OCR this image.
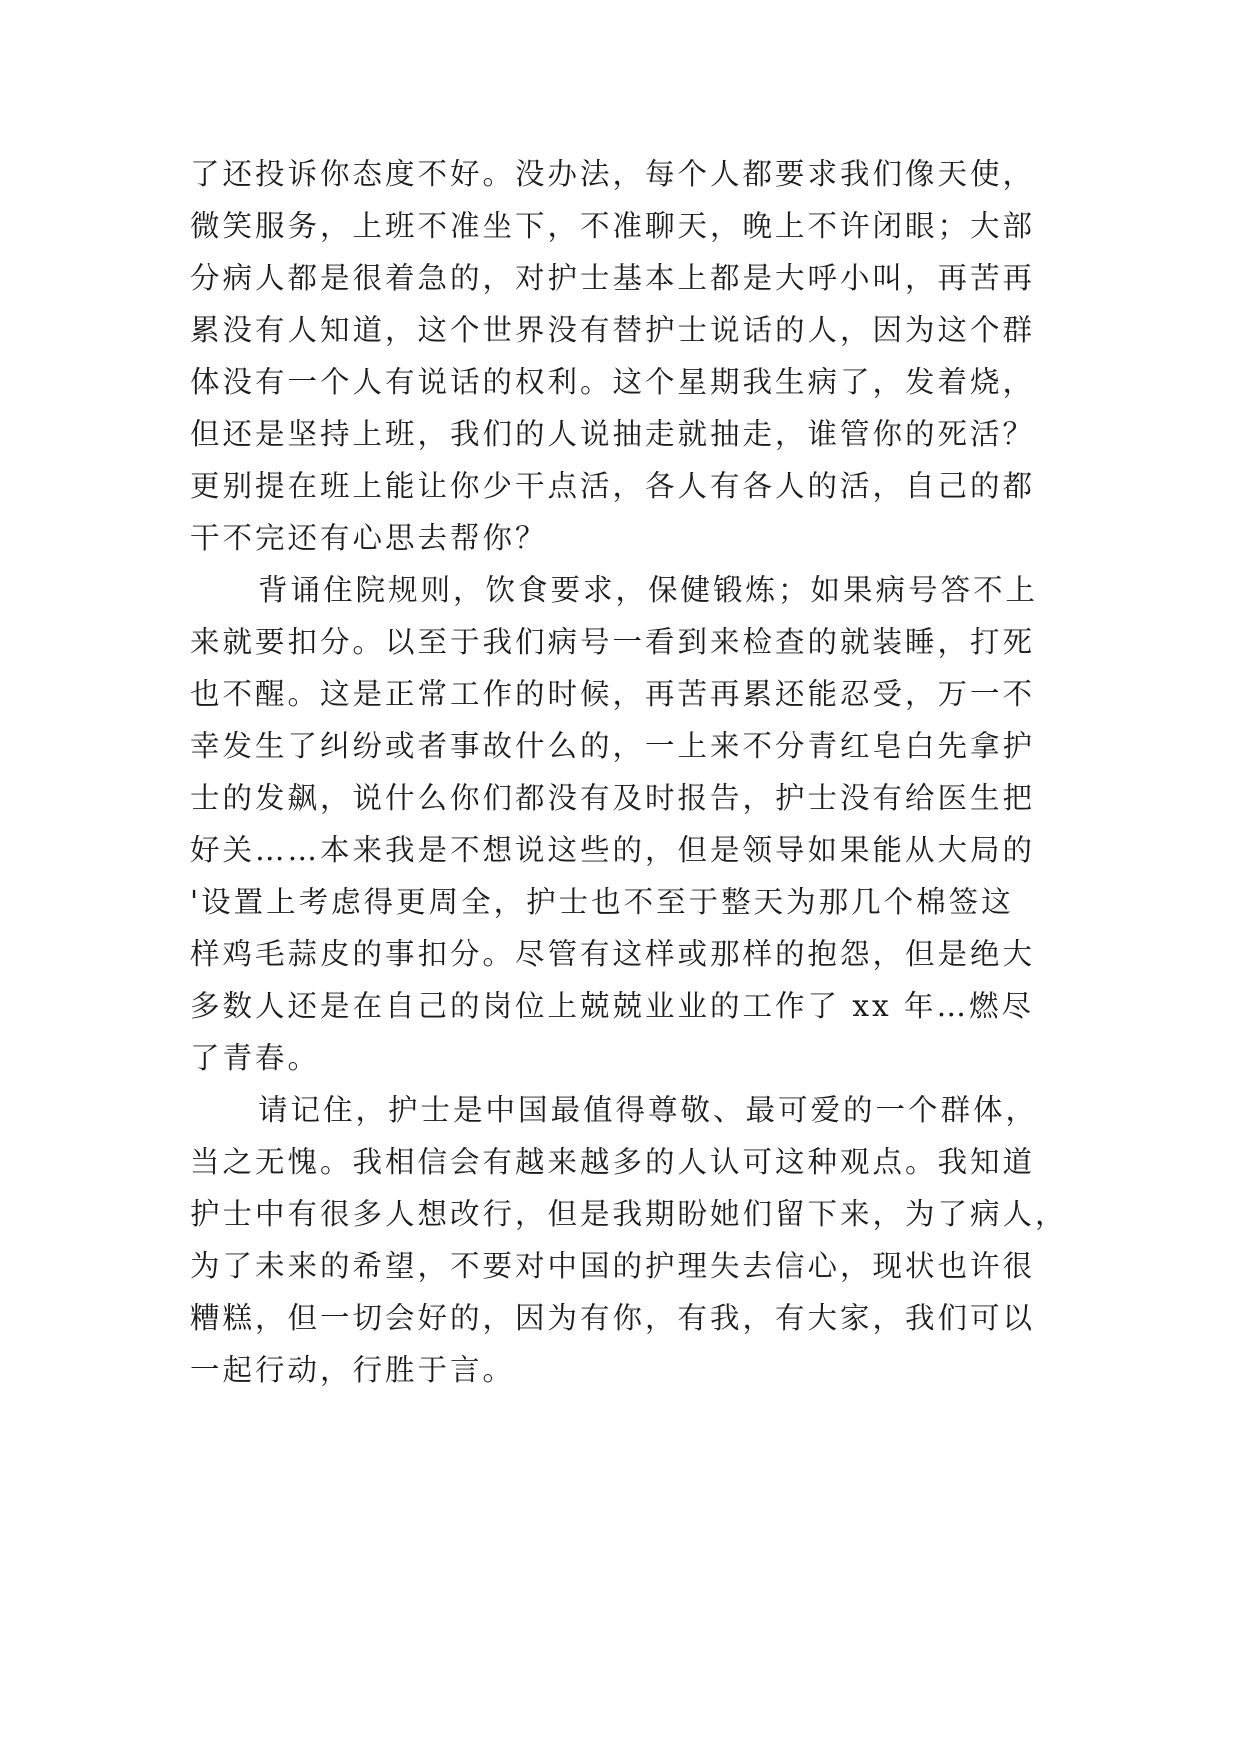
了还投诉你态度不好。没办法，每个人都要求我们像天使，
微笑服务，上班不准坐下，不准聊天，晚上不许闭眼；大部
分病人都是很着急的，对护士基本上都是大呼小叫，再苦再
累没有人知道，这个世界没有替护士说话的人，因为这个群
体没有一个人有说话的权利。这个星期我生病了，发着烧，
但还是坚持上班，我们的人说抽走就抽走，谁管你的死活？
更别提在班上能让你少干点活，各人有各人的活，自己的都
干不完还有心思去帮你？
背诵住院规则，饮食要求，保健锻炼；如果病号答不上
来就要扣分。以至于我们病号一看到来检查的就装睡，打死
也不醒。这是正常工作的时候，再苦再累还能忍受，万一不
幸发生了纠纷或者事故什么的，一上来不分青红皂白先拿护
士的发飙，说什么你们都没有及时报告，护士没有给医生把
好关……本来我是不想说这些的，但是领导如果能从大局的
'设置上考虑得更周全，护士也不至于整天为那几个棉签这
样鸡毛蒜皮的事扣分。尽管有这样或那样的抱怨，但是绝大
多数人还是在自己的岗位上兢兢业业的工作了 xx 年…燃尽
了青春。
请记住，护士是中国最值得尊敬、最可爱的一个群体，
当之无愧。我相信会有越来越多的人认可这种观点。我知道
护士中有很多人想改行，但是我期盼她们留下来，为了病人，
为了未来的希望，不要对中国的护理失去信心，现状也许很
糟糕，但一切会好的，因为有你，有我，有大家，我们可以
一起行动，行胜于言。
